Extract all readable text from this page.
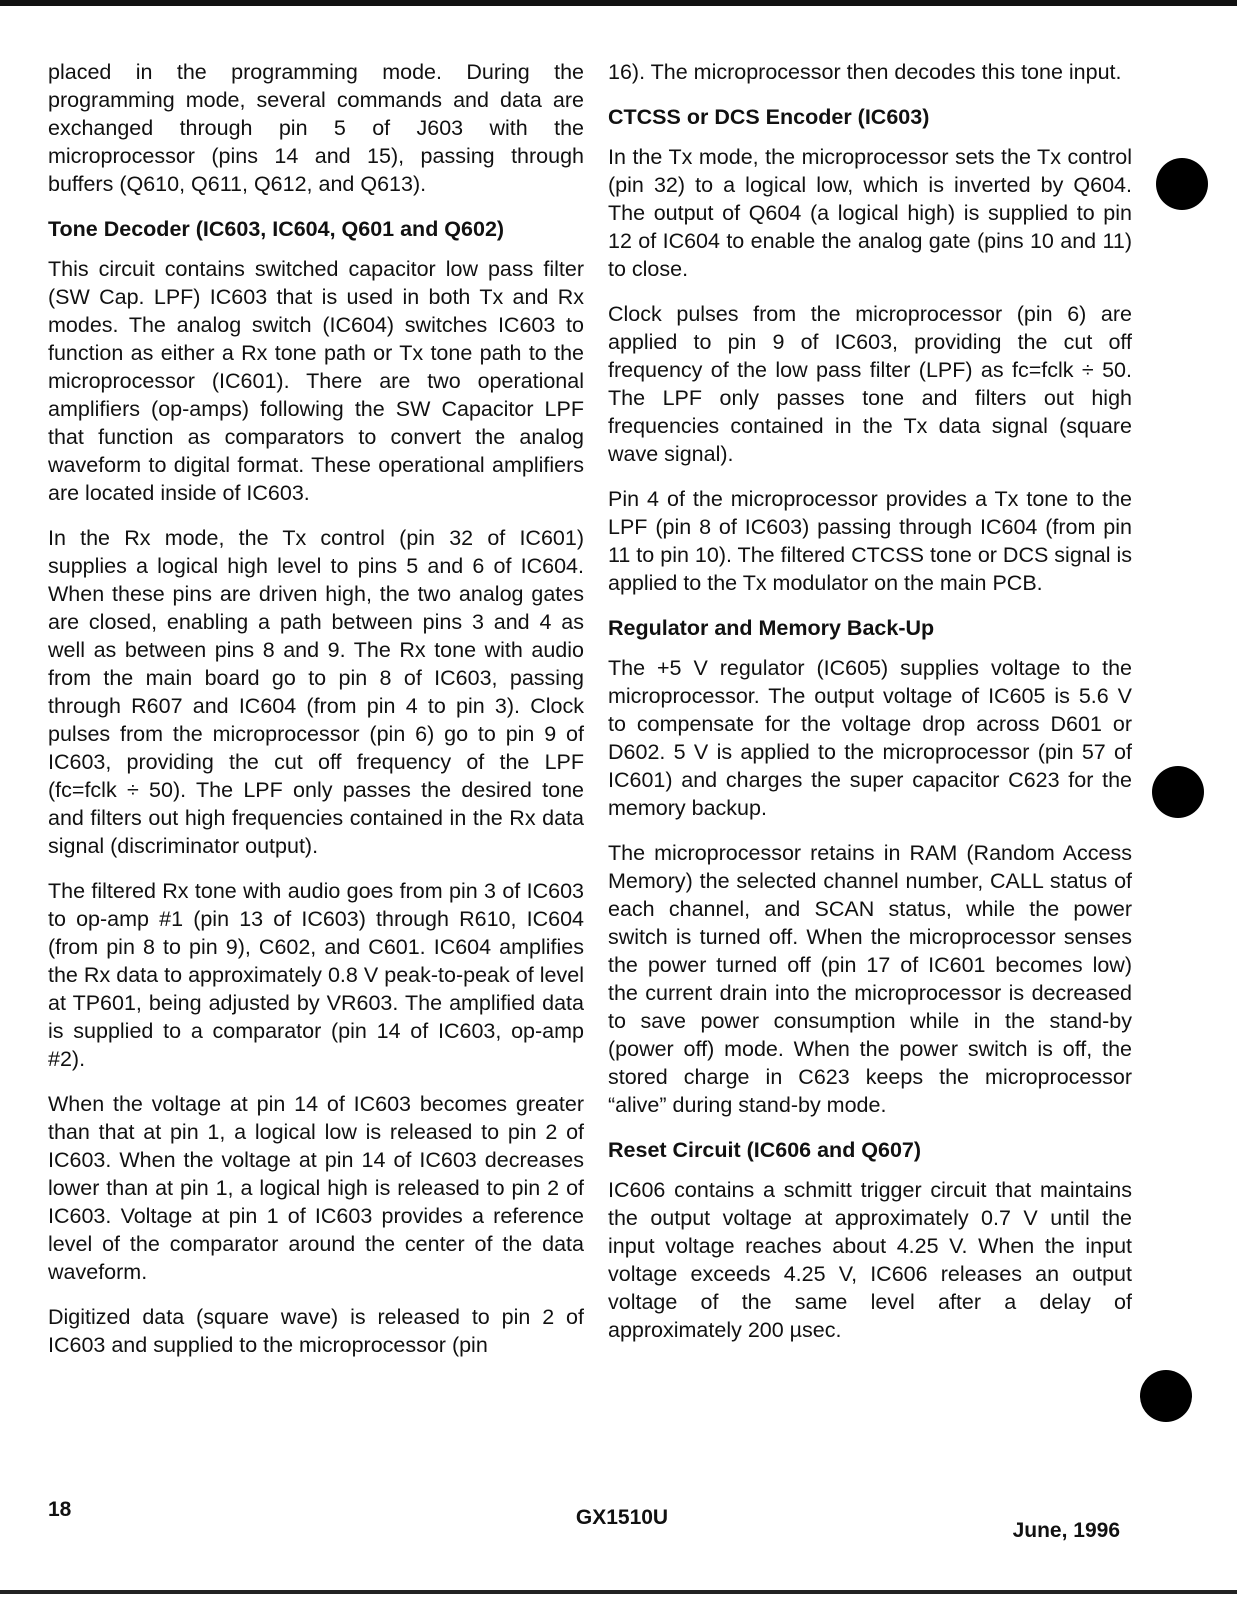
placed in the programming mode. During the programming mode, several commands and data are exchanged through pin 5 of J603 with the microprocessor (pins 14 and 15), passing through buffers (Q610, Q611, Q612, and Q613).

Tone Decoder (IC603, IC604, Q601 and Q602)

This circuit contains switched capacitor low pass filter (SW Cap. LPF) IC603 that is used in both Tx and Rx modes. The analog switch (IC604) switches IC603 to function as either a Rx tone path or Tx tone path to the microprocessor (IC601). There are two operational amplifiers (op-amps) following the SW Capacitor LPF that function as comparators to convert the analog waveform to digital format. These operational amplifiers are located inside of IC603.

In the Rx mode, the Tx control (pin 32 of IC601) supplies a logical high level to pins 5 and 6 of IC604. When these pins are driven high, the two analog gates are closed, enabling a path between pins 3 and 4 as well as between pins 8 and 9. The Rx tone with audio from the main board go to pin 8 of IC603, passing through R607 and IC604 (from pin 4 to pin 3). Clock pulses from the microprocessor (pin 6) go to pin 9 of IC603, providing the cut off frequency of the LPF (fc=fclk ÷ 50). The LPF only passes the desired tone and filters out high frequencies contained in the Rx data signal (discriminator output).

The filtered Rx tone with audio goes from pin 3 of IC603 to op-amp #1 (pin 13 of IC603) through R610, IC604 (from pin 8 to pin 9), C602, and C601. IC604 amplifies the Rx data to approximately 0.8 V peak-to-peak of level at TP601, being adjusted by VR603. The amplified data is supplied to a comparator (pin 14 of IC603, op-amp #2).

When the voltage at pin 14 of IC603 becomes greater than that at pin 1, a logical low is released to pin 2 of IC603. When the voltage at pin 14 of IC603 decreases lower than at pin 1, a logical high is released to pin 2 of IC603. Voltage at pin 1 of IC603 provides a reference level of the comparator around the center of the data waveform.

Digitized data (square wave) is released to pin 2 of IC603 and supplied to the microprocessor (pin

16). The microprocessor then decodes this tone input.

CTCSS or DCS Encoder (IC603)

In the Tx mode, the microprocessor sets the Tx control (pin 32) to a logical low, which is inverted by Q604. The output of Q604 (a logical high) is supplied to pin 12 of IC604 to enable the analog gate (pins 10 and 11) to close.

Clock pulses from the microprocessor (pin 6) are applied to pin 9 of IC603, providing the cut off frequency of the low pass filter (LPF) as fc=fclk ÷ 50. The LPF only passes tone and filters out high frequencies contained in the Tx data signal (square wave signal).

Pin 4 of the microprocessor provides a Tx tone to the LPF (pin 8 of IC603) passing through IC604 (from pin 11 to pin 10). The filtered CTCSS tone or DCS signal is applied to the Tx modulator on the main PCB.

Regulator and Memory Back-Up

The +5 V regulator (IC605) supplies voltage to the microprocessor. The output voltage of IC605 is 5.6 V to compensate for the voltage drop across D601 or D602. 5 V is applied to the microprocessor (pin 57 of IC601) and charges the super capacitor C623 for the memory backup.

The microprocessor retains in RAM (Random Access Memory) the selected channel number, CALL status of each channel, and SCAN status, while the power switch is turned off. When the microprocessor senses the power turned off (pin 17 of IC601 becomes low) the current drain into the microprocessor is decreased to save power consumption while in the stand-by (power off) mode. When the power switch is off, the stored charge in C623 keeps the microprocessor “alive” during stand-by mode.

Reset Circuit (IC606 and Q607)

IC606 contains a schmitt trigger circuit that maintains the output voltage at approximately 0.7 V until the input voltage reaches about 4.25 V. When the input voltage exceeds 4.25 V, IC606 releases an output voltage of the same level after a delay of approximately 200 µsec.

18	GX1510U
June, 1996
